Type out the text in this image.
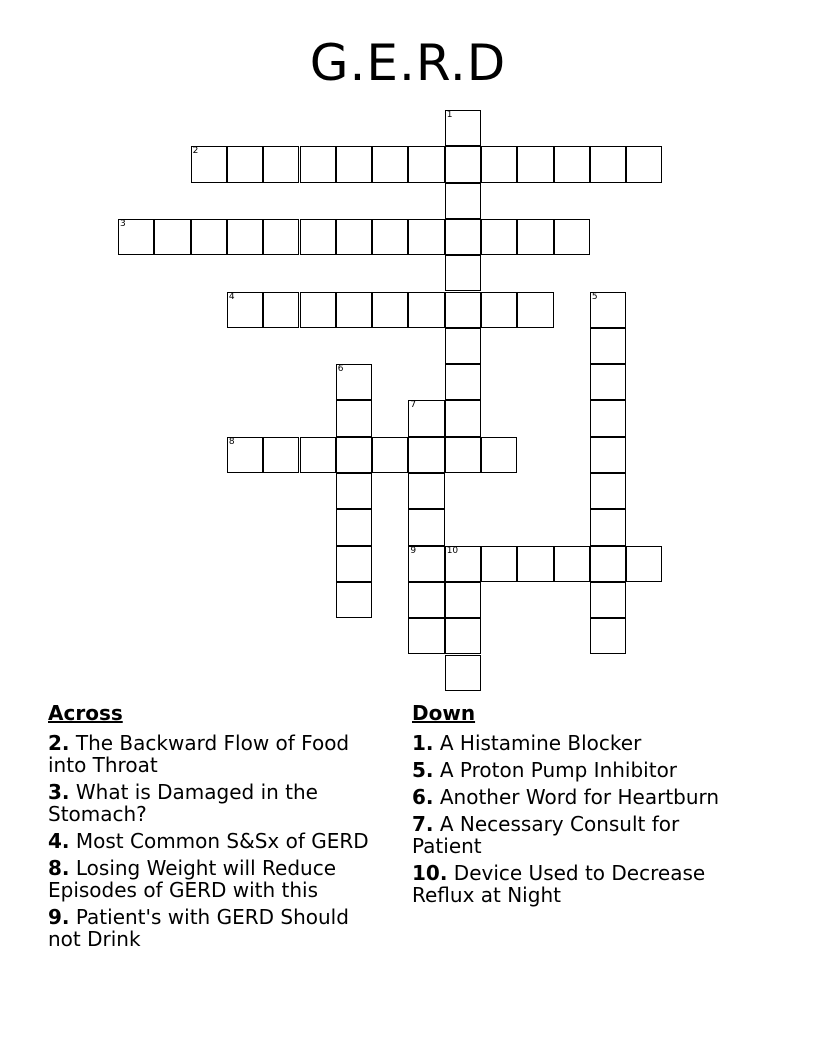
G.E.R.D
1
2
3
4	5
6
7
8
9	10
Across
2. The Backward Flow of Food into Throat
3. What is Damaged in the Stomach?
4. Most Common S&Sx of GERD
8. Losing Weight will Reduce Episodes of GERD with this
9. Patient's with GERD Should not Drink
Down
1. A Histamine Blocker
5. A Proton Pump Inhibitor
6. Another Word for Heartburn
7. A Necessary Consult for Patient
10. Device Used to Decrease Reflux at Night
